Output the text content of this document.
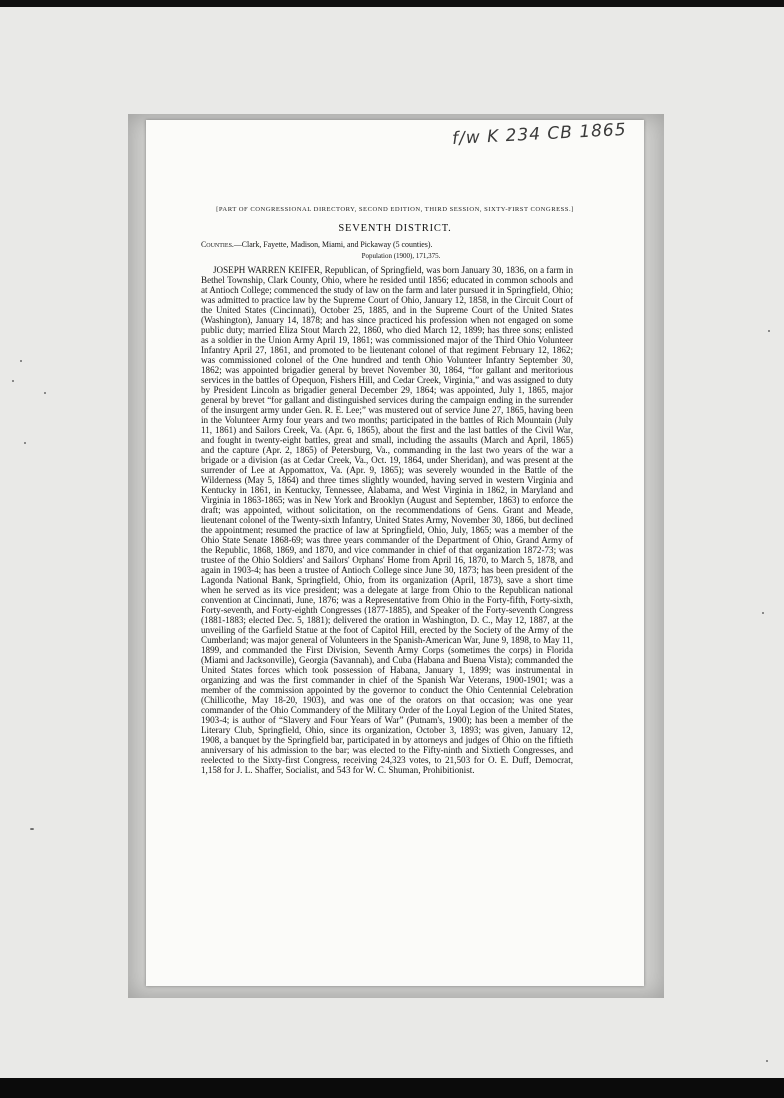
f/w K 234 CB 1865
[PART OF CONGRESSIONAL DIRECTORY, SECOND EDITION, THIRD SESSION, SIXTY-FIRST CONGRESS.]
SEVENTH DISTRICT.
Counties.—Clark, Fayette, Madison, Miami, and Pickaway (5 counties).
Population (1900), 171,375.

JOSEPH WARREN KEIFER, Republican, of Springfield, was born January 30, 1836, on a farm in Bethel Township, Clark County, Ohio, where he resided until 1856; educated in common schools and at Antioch College; commenced the study of law on the farm and later pursued it in Springfield, Ohio; was admitted to practice law by the Supreme Court of Ohio, January 12, 1858, in the Circuit Court of the United States (Cincinnati), October 25, 1885, and in the Supreme Court of the United States (Washington), January 14, 1878; and has since practiced his profession when not engaged on some public duty; married Eliza Stout March 22, 1860, who died March 12, 1899; has three sons; enlisted as a soldier in the Union Army April 19, 1861; was commissioned major of the Third Ohio Volunteer Infantry April 27, 1861, and promoted to be lieutenant colonel of that regiment February 12, 1862; was commissioned colonel of the One hundred and tenth Ohio Volunteer Infantry September 30, 1862; was appointed brigadier general by brevet November 30, 1864, “for gallant and meritorious services in the battles of Opequon, Fishers Hill, and Cedar Creek, Virginia,” and was assigned to duty by President Lincoln as brigadier general December 29, 1864; was appointed, July 1, 1865, major general by brevet “for gallant and distinguished services during the campaign ending in the surrender of the insurgent army under Gen. R. E. Lee;” was mustered out of service June 27, 1865, having been in the Volunteer Army four years and two months; participated in the battles of Rich Mountain (July 11, 1861) and Sailors Creek, Va. (Apr. 6, 1865), about the first and the last battles of the Civil War, and fought in twenty-eight battles, great and small, including the assaults (March and April, 1865) and the capture (Apr. 2, 1865) of Petersburg, Va., commanding in the last two years of the war a brigade or a division (as at Cedar Creek, Va., Oct. 19, 1864, under Sheridan), and was present at the surrender of Lee at Appomattox, Va. (Apr. 9, 1865); was severely wounded in the Battle of the Wilderness (May 5, 1864) and three times slightly wounded, having served in western Virginia and Kentucky in 1861, in Kentucky, Tennessee, Alabama, and West Virginia in 1862, in Maryland and Virginia in 1863-1865; was in New York and Brooklyn (August and September, 1863) to enforce the draft; was appointed, without solicitation, on the recommendations of Gens. Grant and Meade, lieutenant colonel of the Twenty-sixth Infantry, United States Army, November 30, 1866, but declined the appointment; resumed the practice of law at Springfield, Ohio, July, 1865; was a member of the Ohio State Senate 1868-69; was three years commander of the Department of Ohio, Grand Army of the Republic, 1868, 1869, and 1870, and vice commander in chief of that organization 1872-73; was trustee of the Ohio Soldiers' and Sailors' Orphans' Home from April 16, 1870, to March 5, 1878, and again in 1903-4; has been a trustee of Antioch College since June 30, 1873; has been president of the Lagonda National Bank, Springfield, Ohio, from its organization (April, 1873), save a short time when he served as its vice president; was a delegate at large from Ohio to the Republican national convention at Cincinnati, June, 1876; was a Representative from Ohio in the Forty-fifth, Forty-sixth, Forty-seventh, and Forty-eighth Congresses (1877-1885), and Speaker of the Forty-seventh Congress (1881-1883; elected Dec. 5, 1881); delivered the oration in Washington, D. C., May 12, 1887, at the unveiling of the Garfield Statue at the foot of Capitol Hill, erected by the Society of the Army of the Cumberland; was major general of Volunteers in the Spanish-American War, June 9, 1898, to May 11, 1899, and commanded the First Division, Seventh Army Corps (sometimes the corps) in Florida (Miami and Jacksonville), Georgia (Savannah), and Cuba (Habana and Buena Vista); commanded the United States forces which took possession of Habana, January 1, 1899; was instrumental in organizing and was the first commander in chief of the Spanish War Veterans, 1900-1901; was a member of the commission appointed by the governor to conduct the Ohio Centennial Celebration (Chillicothe, May 18-20, 1903), and was one of the orators on that occasion; was one year commander of the Ohio Commandery of the Military Order of the Loyal Legion of the United States, 1903-4; is author of “Slavery and Four Years of War” (Putnam's, 1900); has been a member of the Literary Club, Springfield, Ohio, since its organization, October 3, 1893; was given, January 12, 1908, a banquet by the Springfield bar, participated in by attorneys and judges of Ohio on the fiftieth anniversary of his admission to the bar; was elected to the Fifty-ninth and Sixtieth Congresses, and reelected to the Sixty-first Congress, receiving 24,323 votes, to 21,503 for O. E. Duff, Democrat, 1,158 for J. L. Shaffer, Socialist, and 543 for W. C. Shuman, Prohibitionist.
